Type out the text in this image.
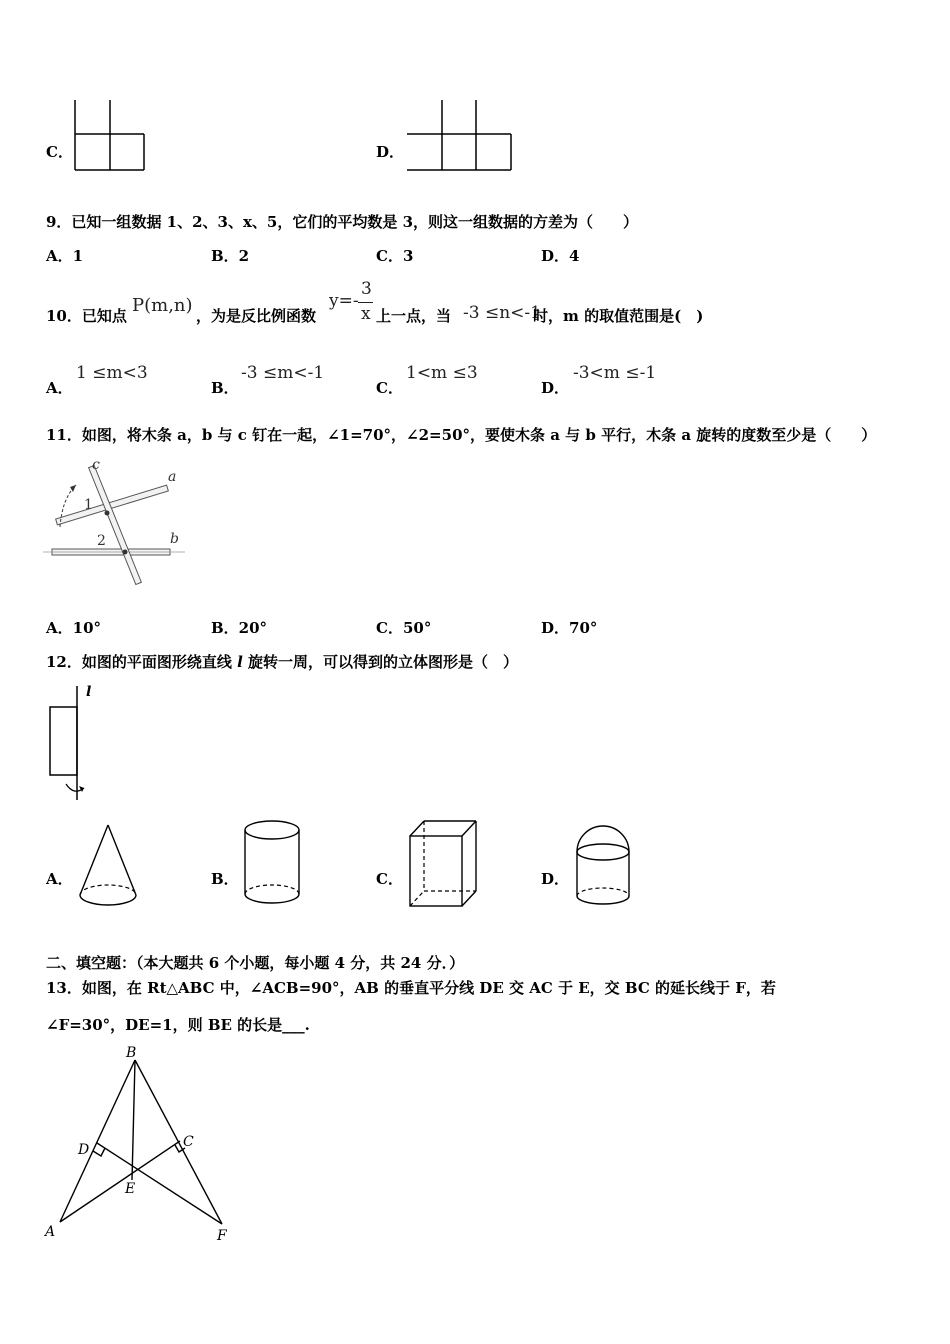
C．	D．
9．已知一组数据 1、2、3、x、5，它们的平均数是 3，则这一组数据的方差为（　　）
A．1	B．2	C．3	D．4
10．已知点 P(m,n) ，为是反比例函数
y=-
3
x 上一点，当 -3 ≤n<-1
时，m 的取值范围是(　)
A．
1 ≤m<3
B．
-3 ≤m<-1
C．
1<m ≤3
D．
-3<m ≤-1
11．如图，将木条 a，b 与 c 钉在一起，∠1=70°，∠2=50°，要使木条 a 与 b 平行，木条 a 旋转的度数至少是（　　）
c
a
b
1
2
A．10°	B．20°	C．50°	D．70°
12．如图的平面图形绕直线 l 旋转一周，可以得到的立体图形是（　）
l
A．	B．	C．	D．
二、填空题：（本大题共 6 个小题，每小题 4 分，共 24 分．）
13．如图，在 Rt△ABC 中，∠ACB=90°，AB 的垂直平分线 DE 交 AC 于 E，交 BC 的延长线于 F，若
∠F=30°，DE=1，则 BE 的长是___.
B
D	C
E
A	F
